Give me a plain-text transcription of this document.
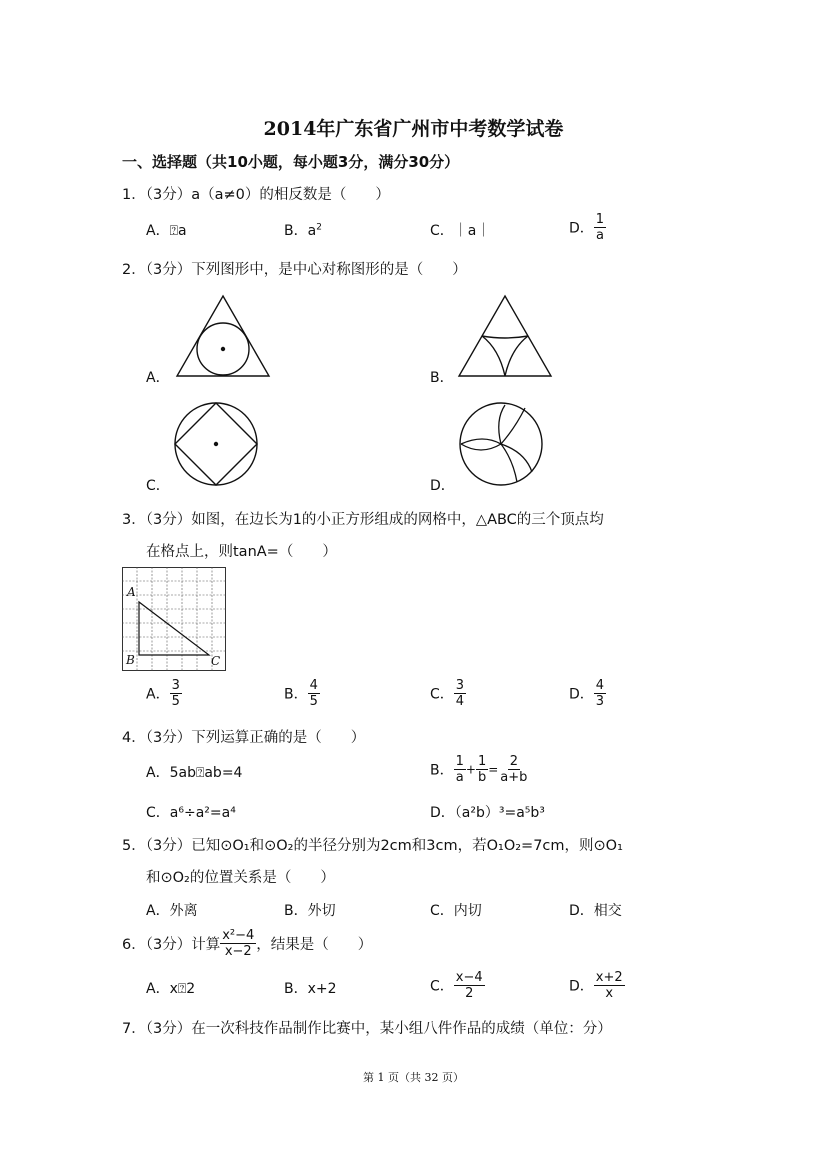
2014年广东省广州市中考数学试卷
一、选择题（共10小题，每小题3分，满分30分）
1．（3分）a（a≠0）的相反数是（　　）
A．⍰a	B．$a^2$	C．｜a｜	D． $\frac{1}{a}$
2．（3分）下列图形中，是中心对称图形的是（　　）
A．	B．
C．	D．
3．（3分）如图，在边长为1的小正方形组成的网格中，△ABC的三个顶点均
在格点上，则tanA=（　　）
A
B	C
A． $\frac{3}{5}$	B． $\frac{4}{5}$	C． $\frac{3}{4}$	D． $\frac{4}{3}$
4．（3分）下列运算正确的是（　　）
A．5ab⍰ab=4	B． $\frac{1}{a} + \frac{1}{b} = \frac{2}{a+b}$
C．a⁶÷a²=a⁴	D．（a²b）³=a⁵b³
5．（3分）已知⊙O₁和⊙O₂的半径分别为2cm和3cm，若O₁O₂=7cm，则⊙O₁
和⊙O₂的位置关系是（　　）
A．外离	B．外切	C．内切	D．相交
6．（3分）计算 $\frac{\text{x²−4}}{x-2}$ ，结果是（　　）
A．x⍰2	B．x+2	C． $\frac{x-4}{2}$	D． $\frac{x+2}{x}$
7．（3分）在一次科技作品制作比赛中，某小组八件作品的成绩（单位：分）
第 1 页（共 32 页）
